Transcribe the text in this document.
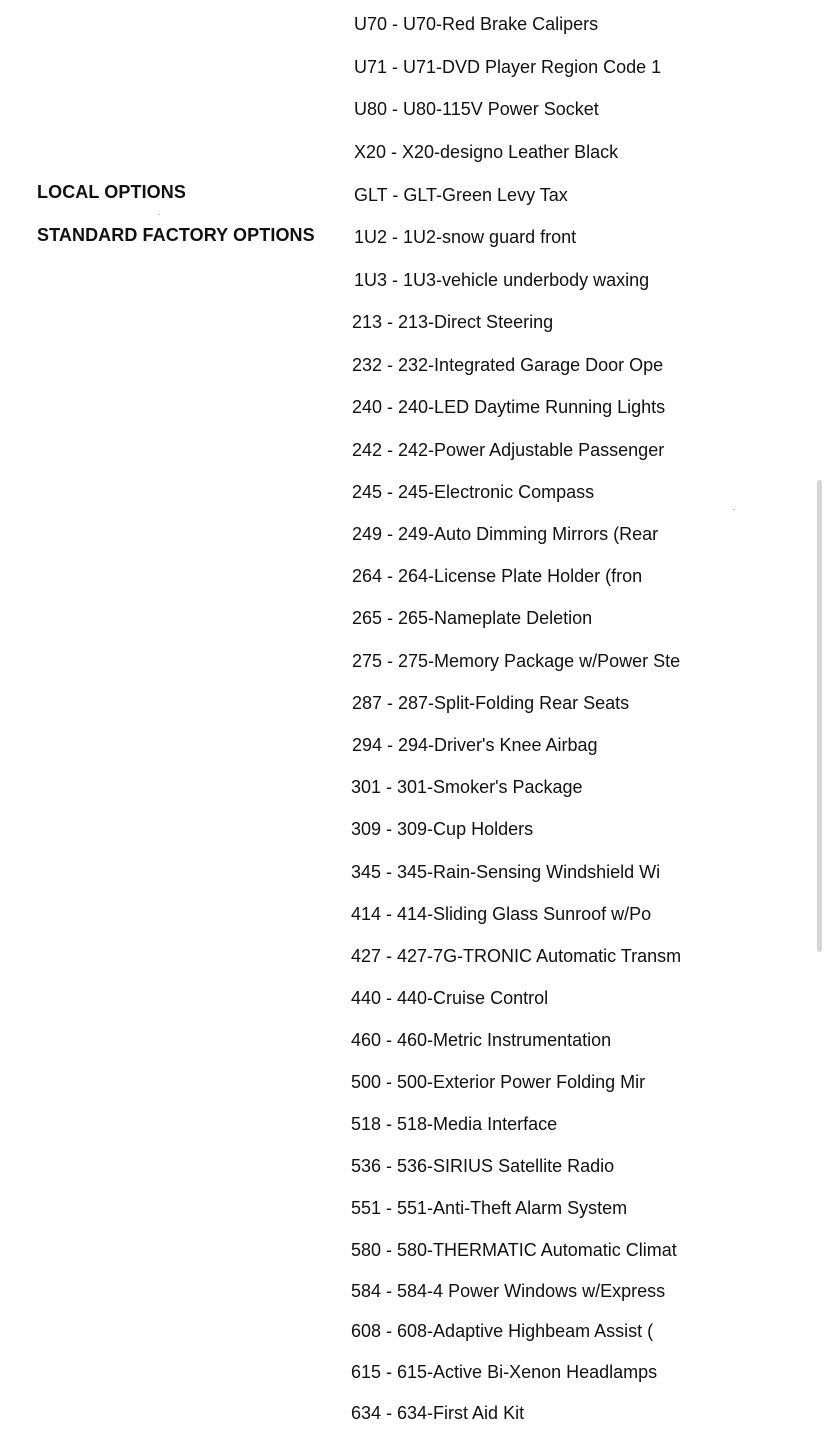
LOCAL OPTIONS
STANDARD FACTORY OPTIONS
U70 - U70-Red Brake Calipers
U71 - U71-DVD Player Region Code 1
U80 - U80-115V Power Socket
X20 - X20-designo Leather Black
GLT - GLT-Green Levy Tax
1U2 - 1U2-snow guard front
1U3 - 1U3-vehicle underbody waxing
213 - 213-Direct Steering
232 - 232-Integrated Garage Door Ope
240 - 240-LED Daytime Running Lights
242 - 242-Power Adjustable Passenger
245 - 245-Electronic Compass
249 - 249-Auto Dimming Mirrors (Rear
264 - 264-License Plate Holder (fron
265 - 265-Nameplate Deletion
275 - 275-Memory Package w/Power Ste
287 - 287-Split-Folding Rear Seats
294 - 294-Driver's Knee Airbag
301 - 301-Smoker's Package
309 - 309-Cup Holders
345 - 345-Rain-Sensing Windshield Wi
414 - 414-Sliding Glass Sunroof w/Po
427 - 427-7G-TRONIC Automatic Transm
440 - 440-Cruise Control
460 - 460-Metric Instrumentation
500 - 500-Exterior Power Folding Mir
518 - 518-Media Interface
536 - 536-SIRIUS Satellite Radio
551 - 551-Anti-Theft Alarm System
580 - 580-THERMATIC Automatic Climat
584 - 584-4 Power Windows w/Express
608 - 608-Adaptive Highbeam Assist (
615 - 615-Active Bi-Xenon Headlamps
634 - 634-First Aid Kit
